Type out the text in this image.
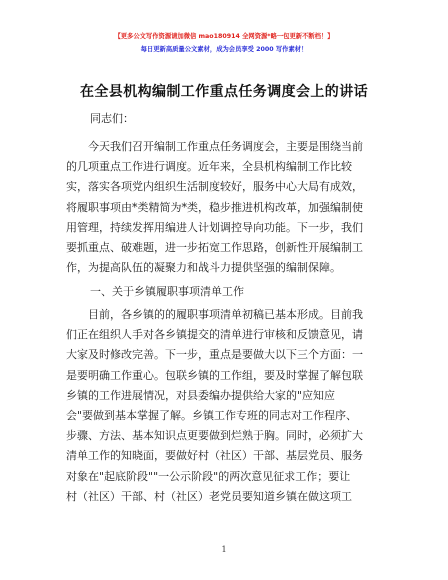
【更多公文写作资源请加微信 mao180914 全网资源*略一包更新不断档！】
每日更新高质量公文素材，成为会员享受 2000 写作素材！
在全县机构编制工作重点任务调度会上的讲话
同志们：
今天我们召开编制工作重点任务调度会，主要是围绕当前
的几项重点工作进行调度。近年来，全县机构编制工作比较
实，落实各项党内组织生活制度较好，服务中心大局有成效，
将履职事项由*类精简为*类，稳步推进机构改革，加强编制使
用管理，持续发挥用编进人计划调控导向功能。下一步，我们
要抓重点、破难题，进一步拓宽工作思路，创新性开展编制工
作，为提高队伍的凝聚力和战斗力提供坚强的编制保障。
一、关于乡镇履职事项清单工作
目前，各乡镇的的履职事项清单初稿已基本形成。目前我
们正在组织人手对各乡镇提交的清单进行审核和反馈意见，请
大家及时修改完善。下一步，重点是要做大以下三个方面：一
是要明确工作重心。包联乡镇的工作组，要及时掌握了解包联
乡镇的工作进展情况，对县委编办提供给大家的"应知应
会"要做到基本掌握了解。乡镇工作专班的同志对工作程序、
步骤、方法、基本知识点更要做到烂熟于胸。同时，必须扩大
清单工作的知晓面，要做好村（社区）干部、基层党员、服务
对象在"起底阶段""一公示阶段"的两次意见征求工作；要让
村（社区）干部、村（社区）老党员要知道乡镇在做这项工
1
